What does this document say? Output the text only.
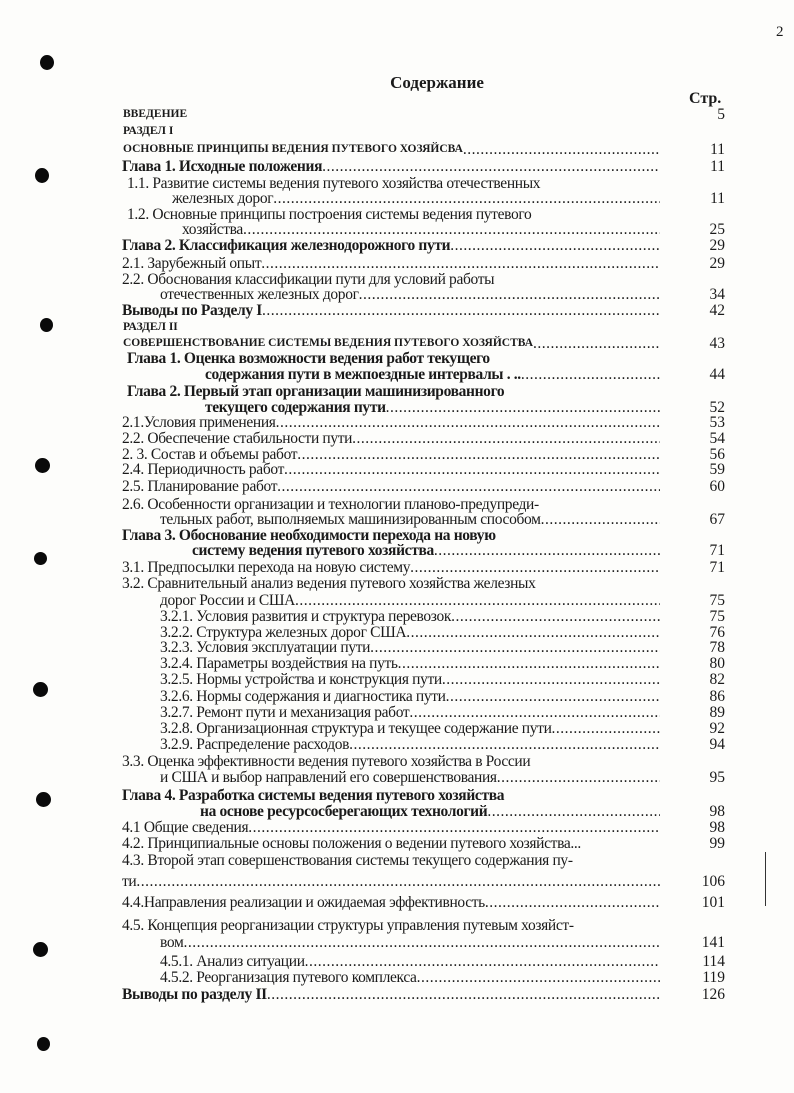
2
Содержание
Стр.
ВВЕДЕНИЕ	5
РАЗДЕЛ I
ОСНОВНЫЕ ПРИНЦИПЫ ВЕДЕНИЯ ПУТЕВОГО ХОЗЯЙСВА .....	11
Глава 1. Исходные положения .....	11
1.1. Развитие системы ведения путевого хозяйства отечественных
железных дорог .....	11
1.2. Основные принципы построения системы ведения путевого
хозяйства .....	25
Глава 2. Классификация железнодорожного пути .....	29
2.1. Зарубежный опыт .....	29
2.2. Обоснования классификации пути для условий работы
отечественных железных дорог .....	34
Выводы по Разделу I .....	42
РАЗДЕЛ II
СОВЕРШЕНСТВОВАНИЕ СИСТЕМЫ ВЕДЕНИЯ ПУТЕВОГО ХОЗЯЙСТВА .....	43
Глава 1. Оценка возможности ведения работ текущего
содержания пути в межпоездные интервалы . .. .....	44
Глава 2. Первый этап организации машинизированного
текущего содержания пути .....	52
2.1.Условия применения .....	53
2.2. Обеспечение стабильности пути .....	54
2. 3. Состав и объемы работ .....	56
2.4. Периодичность работ .....	59
2.5. Планирование работ .....	60
2.6. Особенности организации и технологии планово-предупреди-
тельных работ, выполняемых машинизированным способом .....	67
Глава 3. Обоснование необходимости перехода на новую
систему ведения путевого хозяйства .....	71
3.1. Предпосылки перехода на новую систему .....	71
3.2. Сравнительный анализ ведения путевого хозяйства железных
дорог России и США .....	75
3.2.1. Условия развития и структура перевозок .....	75
3.2.2. Структура железных дорог США .....	76
3.2.3. Условия эксплуатации пути .....	78
3.2.4. Параметры воздействия на путь .....	80
3.2.5. Нормы устройства и конструкция пути .....	82
3.2.6. Нормы содержания и диагностика пути .....	86
3.2.7. Ремонт пути и механизация работ .....	89
3.2.8. Организационная структура и текущее содержание пути .....	92
3.2.9. Распределение расходов .....	94
3.3. Оценка эффективности ведения путевого хозяйства в России
и США и выбор направлений его совершенствования .....	95
Глава 4. Разработка системы ведения путевого хозяйства
на основе ресурсосберегающих технологий .....	98
4.1 Общие сведения .....	98
4.2. Принципиальные основы положения о ведении путевого хозяйства...	99
4.3. Второй этап совершенствования системы текущего содержания пу-
ти .....	106
4.4.Направления реализации и ожидаемая эффективность .....	101
4.5. Концепция реорганизации структуры управления путевым хозяйст-
вом .....	141
4.5.1. Анализ ситуации .....	114
4.5.2. Реорганизация путевого комплекса .....	119
Выводы по разделу II .....	126
